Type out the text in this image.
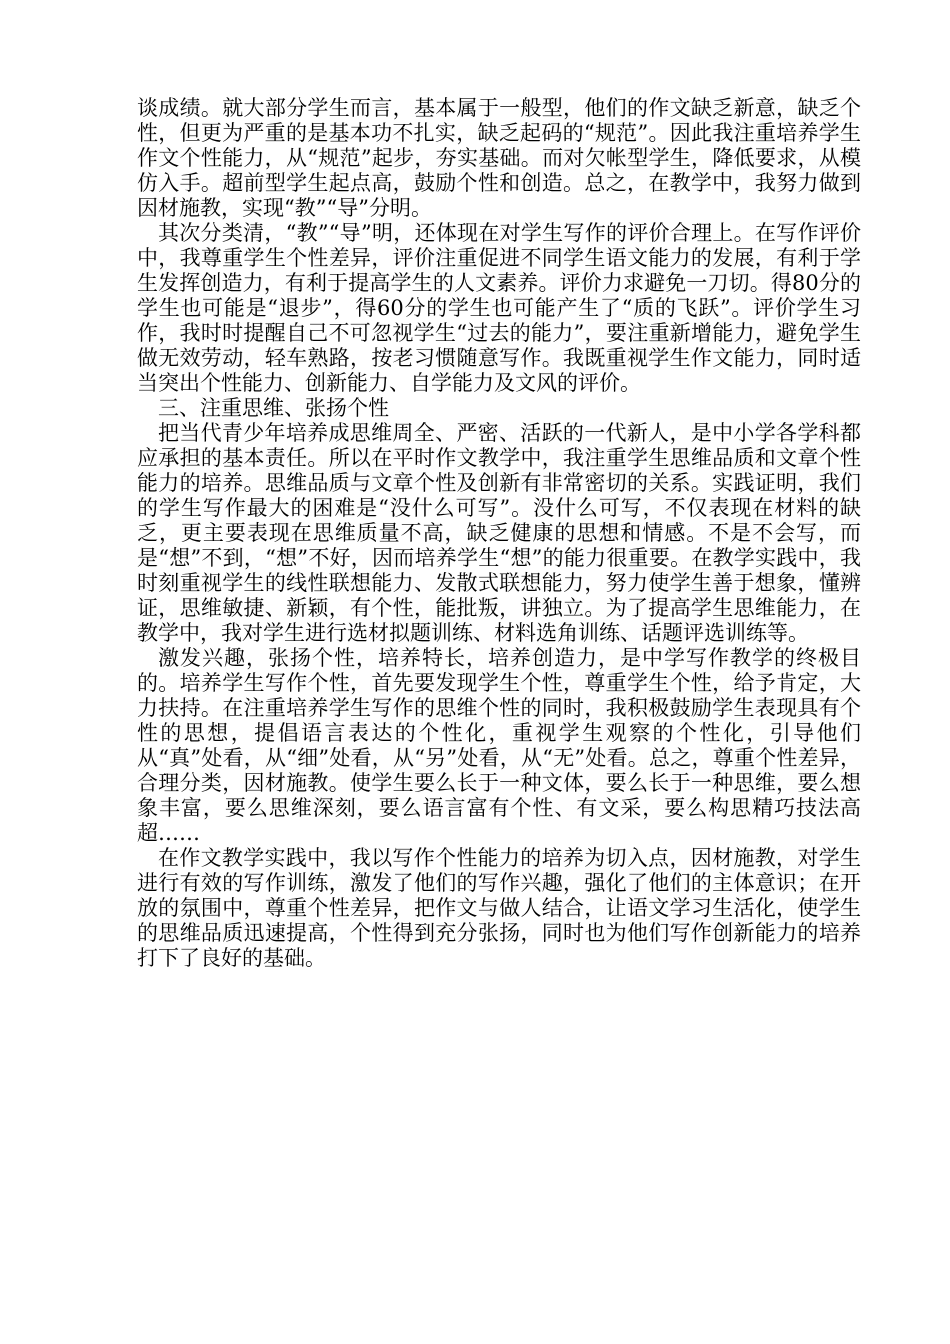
谈成绩。就大部分学生而言，基本属于一般型，他们的作文缺乏新意，缺乏个性，但更为严重的是基本功不扎实，缺乏起码的“规范”。因此我注重培养学生作文个性能力，从“规范”起步，夯实基础。而对欠帐型学生，降低要求，从模仿入手。超前型学生起点高，鼓励个性和创造。总之，在教学中，我努力做到因材施教，实现“教”“导”分明。

其次分类清，“教”“导”明，还体现在对学生写作的评价合理上。在写作评价中，我尊重学生个性差异，评价注重促进不同学生语文能力的发展，有利于学生发挥创造力，有利于提高学生的人文素养。评价力求避免一刀切。得80分的学生也可能是“退步”，得60分的学生也可能产生了“质的飞跃”。评价学生习作，我时时提醒自己不可忽视学生“过去的能力”，要注重新增能力，避免学生做无效劳动，轻车熟路，按老习惯随意写作。我既重视学生作文能力，同时适当突出个性能力、创新能力、自学能力及文风的评价。

三、注重思维、张扬个性

把当代青少年培养成思维周全、严密、活跃的一代新人，是中小学各学科都应承担的基本责任。所以在平时作文教学中，我注重学生思维品质和文章个性能力的培养。思维品质与文章个性及创新有非常密切的关系。实践证明，我们的学生写作最大的困难是“没什么可写”。没什么可写，不仅表现在材料的缺乏，更主要表现在思维质量不高，缺乏健康的思想和情感。不是不会写，而是“想”不到，“想”不好，因而培养学生“想”的能力很重要。在教学实践中，我时刻重视学生的线性联想能力、发散式联想能力，努力使学生善于想象，懂辨证，思维敏捷、新颖，有个性，能批叛，讲独立。为了提高学生思维能力，在教学中，我对学生进行选材拟题训练、材料选角训练、话题评选训练等。

激发兴趣，张扬个性，培养特长，培养创造力，是中学写作教学的终极目的。培养学生写作个性，首先要发现学生个性，尊重学生个性，给予肯定，大力扶持。在注重培养学生写作的思维个性的同时，我积极鼓励学生表现具有个性的思想，提倡语言表达的个性化，重视学生观察的个性化，引导他们从“真”处看，从“细”处看，从“另”处看，从“无”处看。总之，尊重个性差异，合理分类，因材施教。使学生要么长于一种文体，要么长于一种思维，要么想象丰富，要么思维深刻，要么语言富有个性、有文采，要么构思精巧技法高超……

在作文教学实践中，我以写作个性能力的培养为切入点，因材施教，对学生进行有效的写作训练，激发了他们的写作兴趣，强化了他们的主体意识；在开放的氛围中，尊重个性差异，把作文与做人结合，让语文学习生活化，使学生的思维品质迅速提高，个性得到充分张扬，同时也为他们写作创新能力的培养打下了良好的基础。
